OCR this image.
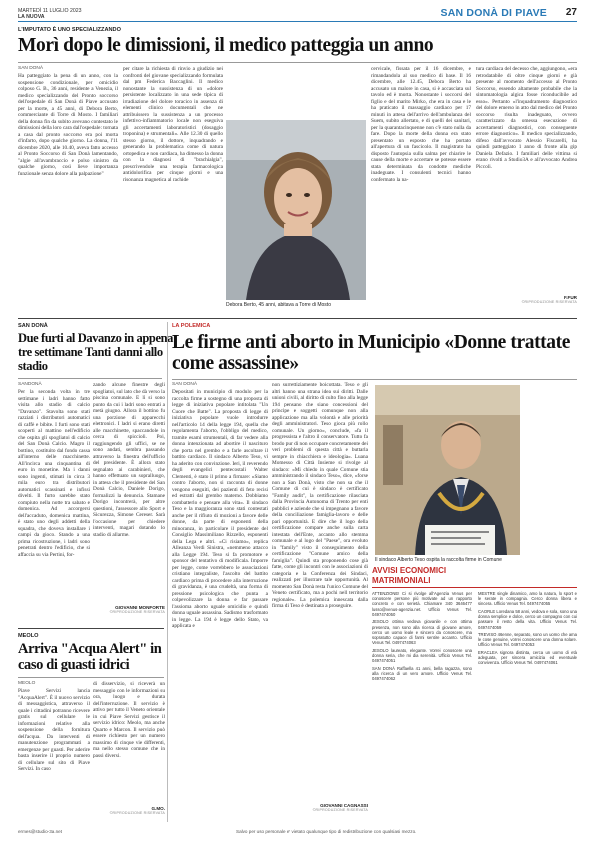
MARTEDÌ 11 LUGLIO 2023
LA NUOVA	SAN DONÀ DI PIAVE 27
L'IMPUTATO È UNO SPECIALIZZANDO
Morì dopo le dimissioni, il medico patteggia un anno
SAN DONÀ

Ha patteggiato la pena di un anno, con la sospensione condizionale, per omicidio colposo G. B., 36 anni, residente a Venezia, il medico specializzando del Pronto soccorso dell'ospedale di San Donà di Piave accusato per la morte, a 45 anni, di Debora Berto, commerciante di Torre di Mosto. I familiari della donna fin da subito avevano contestato le dimissioni della loro cara dall'ospedale: tornata a casa dal pronto soccorso era poi morta d'infarto, dopo qualche giorno. La donna, l'11 dicembre 2020, alle 10.40, aveva fatto accesso al Pronto Soccorso di San Donà lamentando, "algie all'avambraccio e polso sinistro da qualche giorno, così lieve importanza funzionale senza dolore alla palpazione"

per citare la richiesta di rinvio a giudizio nei confronti del giovane specializzando formulata dal pm Federica Baccaglini. Il medico nonostante la sussistenza di un «dolore persistente localizzato in una sede tipica di irradiazione del dolore toracico in assenza di elementi clinico documentali che ne attribuissero la sussistenza a un processo infettivo-infiammatorio locale non eseguiva gli accertamenti laboratoristici (dosaggio troponina) e strumentali». Alle 12.30 di quello stesso giorno, il dottore, inquadrando e generando la problematica come di natura ortopedica e non cardiaca, ha dimesso la donna con la diagnosi di "brachialgia", prescrivendole una terapia farmacologica antidolorifica per cinque giorni e una risonanza magnetica al rachide

Debora Berto, 45 anni, abitava a Torre di Mosto

cervicale, fissata per il 16 dicembre, e rimandandola al suo medico di base. Il 16 dicembre, alle 12.45, Debora Berto ha accusato un malore in casa, si è accasciata sul tavolo ed è morta. Nonostante i soccorsi del figlio e del marito Mirko, che era in casa e le ha praticato il massaggio cardiaco per 17 minuti in attesa dell'arrivo dell'ambulanza del Suem, subito allertato, e di quelli dei sanitari, per la quarantacinquenne non c'è stato nulla da fare. Dopo la morte della donna era stato presentato un esposto che ha portato all'apertura di un fascicolo. Il magistrato ha disposto l'autopsia sulla salma per chiarire le cause della morte e accertare se potesse essere stata determinata da condotte mediche inadeguate. I consulenti tecnici hanno confermato la na-

tura cardiaca del decesso che, aggiungono, «era retrodatabile di oltre cinque giorni e già presente al momento dell'accesso al Pronto Soccorso, essendo altamente probabile che la sintomatologia algica fosse riconducibile ad esso». Pertanto «l'inquadramento diagnostico del dolore emerso in atto dal medico del Pronto soccorso risulta inadeguato, ovvero caratterizzato da omessa esecuzione di accertamenti diagnostici, con conseguente errore diagnostico». Il medico specializzando, difeso dall'avvocato Alessio Fiscarelli, ha quindi patteggiato 1 anno di fronte alla gip Daniela Defazio. I familiari delle vittima si erano rivolti a Studio3A e all'avvocato Andrea Piccoli.

F.FUR
©RIPRODUZIONE RISERVATA
SAN DONÀ
Due furti al Davanzo in appena tre settimane Tanti danni allo stadio
SANDONÀ

Per la seconda volta in tre settimane i ladri hanno fatto visita allo stadio di calcio "Davanzo". Stavolta sono stati razziati i distributori automatici di caffè e bibite. I furti sono stati scoperti al mattino nell'edificio che ospita gli spogliatoi di calcio del San Donà Calcio. Magro il bottino, costituito dal fondo cassa all'interno delle macchinette. All'incirca una cinquantina di euro in monetine. Ma i danni sono ingenti, stimati in circa 3 mila euro tra distributori automatici scassinati e infissi divelti. Il furto sarebbe stato compiuto nella notte tra sabato e domenica. Ad accorgersi dell'accaduto, domenica mattina, è stato uno degli addetti della squadra, che doveva installare i campi da gioco. Stando a una prima ricostruzione, i ladri sono penetrati dentro l'edificio, che si affaccia su via Pertini, for-

zando alcune finestre degli spogliatoi, sul lato che dà verso la piscina comunale. E lì si sono punto da cui i ladri sono entrati a metà giugno. Allora il bottino fu una porzione di apparecchi elettronici. I ladri si erano diretti alle macchinette, spaccandole in cerca di spiccioli. Poi, raggiungendo gli uffici, se ne sono andati, sembra passando attraverso la finestra dell'ufficio del presidente. È allora stato segnalato ai carabinieri, che hanno effettuato un sopralluogo, in attesa che il presidente del San Donà Calcio, Daniele Dorigo, formalizzi la denuncia. Stamane Dorigo incontrerà, per altre questioni, l'assessore allo Sport e Sicurezza, Simone Cereser. Sarà l'occasione per chiedere interventi, magari dotando lo stadio di allarme.

GIOVANNI MONFORTE
©RIPRODUZIONE RISERVATA
LA POLEMICA
Le firme anti aborto in Municipio «Donne trattate come assassine»
SAN DONÀ

Depositati in municipio di modulo per la raccolta firme a sostegno di una proposta di legge di iniziativa popolare intitolata "Un Cuore che Batte". La proposta di legge di iniziativa popolare vuole introdurre nell'articolo 14 della legge 194, quella che regolamenta l'aborto, l'obbligo del medico, tramite esami strumentali, di far vedere alla donna intenzionata ad abortire il nascituro che porta nel grembo e a farle ascoltare il battito cardiaco. Il sindaco Alberto Teso, vi ha aderito con convinzione. Ieri, il reverendo degli evangelici pentecostali Walter Clementi, è stato il primo a firmare: «Siamo contro l'aborto, non si racconta di donne vengono eseguiti, dei pazienti di feto recisi ed estratti dal grembo materno. Dobbiamo combatterlo e pensare alla vita». Il sindaco Teso e la maggioranza sono stati contestati anche per il rifiuto di mozioni a favore delle donne, da parte di esponenti della minoranza, in particolare il presidente del Consiglio Massimiliano Rizzello, esponenti della Lega e altri. «Ci risiamo», replica Alleanza Verdi Sinistra, «nemmeno attacco alla Legge 194. Teso si fa promotore e sponsor del tentativo di modificala. Imporre per legge, come vorrebbero le associazioni cristiano integraliste, l'ascolto del battito cardiaco prima di procedere alla interruzione di gravidanza, è una crudeltà, una forma di pressione psicologica che punta a colpevolizzare la donna e far passare l'assioma aborto uguale omicidio e quindi donna uguale assassina. Sadismo trasformato in legge. La 194 è legge dello Stato, va applicata e

non surrettiziamente boicottata. Teso e gli altri hanno una strana idea sui diritti. Dalle unioni civili, al diritto di culto fino alla legge 194 pensano che siano concessioni del principe e soggetti comunque non alla applicazione ma alla volontà e alle priorità degli amministratori. Teso gioca più rollo comunale. Un giorno», conclude, «fa il progressista e l'altro il conservatore. Tutto fa brodo pur di non occupare concretamente dei veri problemi di questa città e buttarla sempre in chiacchiera e ideologia». Luana Momesso di Città Insieme si rivolge al sindaco: «Mi chiedo in quale Comune stia amministrando il sindaco Teso», dice, «forse non a San Donà, visto che non sa che il Comune di cui è sindaco è certificato "Family audit", la certificazione rilasciata dalla Provincia Autonoma di Trento per enti pubblici e aziende che si impegnano a favore della conciliazione famiglia-lavoro e delle pari opportunità. E dire che il logo della certificazione compare anche sulla carta intestata dell'Ente, accanto allo stemma comunale e al logo del "Paese", ora evoluto in "family" visto il conseguimento della certificazione "Comune amico della famiglia". Quindi sta proponendo cose già fatte, come gli incontri con le associazioni di categoria e la Conferenza dei Sindaci, realizzati per illustrare tale opportunità. Al momento San Donà resta l'unico Comune del Veneto certificato, ma a pochi nell territorio regionale». La polemica innescata dalla firma di Teso è destinata a proseguire.

GIOVANNI CAGNASSI
©RIPRODUZIONE RISERVATA
Il sindaco Alberto Teso ospita la raccolta firme in Comune
AVVISI ECONOMICI
MATRIMONIALI

ATTENZIONE! Ci si rivolge all'Agenzia Venus per conoscere persone più motivate ad un rapporto concreto e con serietà. Chiamare 340 3646477 lusso@venus-agenzia.net. Ufficio Venus Tel. 0497474050

JESOLO ottima vedova giovanile e con ottima presenza, non sono alla ricerca di giovane amore, cerco un uomo leale e sincero da conoscere, ma sopratutto capace di farmi sentire accanto. Ufficio Venus Tel. 0497474063

JESOLO laureato, elegante. Vorrei conoscere una donna seria, che mi dia serenità. Ufficio Venus Tel. 0497474051

SAN DONÀ Raffaella 41 anni, bella ragazza, sono alla ricerca di un vero amore. Ufficio Venus Tel. 0497474062

MESTRE single dinamico, amo la natura, lo sport e le serate in compagnia. Cerco donna libera e sincera. Ufficio Venus Tel. 0497474055

CAORLE Loredana 58 anni, vedova e sola, sono una donna semplice e dolce, cerco un compagno con cui passare il resto della vita. Ufficio Venus Tel. 0497474059

TREVISO 46enne, separato, sono un uomo che ama le cose genuine, vorrei conoscere una donna solare. Ufficio Venus Tel. 0497474053

ERACLEA signora distinta, cerca un uomo di età adeguata, per sincera amicizia ed eventuale convivenza. Ufficio Venus Tel. 0497474061

MEOLO
Arriva "Acqua Alert" in caso di guasti idrici
MEOLO

Piave Servizi lancia "AcquaAlert". È il nuovo servizio di messaggistica, attraverso il quale i cittadini potranno ricevere gratis sul cellulare le informazioni relative alla sospensione della fornitura dell'acqua. Da interventi di manutenzione programmati a emergenze per guasti. Per aderire basta inserire il proprio numero di cellulare sul sito di Piave Servizi. In caso

di disservizio, si riceverà un messaggio con le informazioni su ora, luogo e durata dell'interruzione. Il servizio è attivo per tutto il Veneto orientale in cui Piave Servizi gestisce il servizio idrico: Meolo, ma anche Quarto e Marcon. Il servizio può essere richiesto per un numero massimo di cinque vie differenti, ma nello stesso comune che in passi diversi.

G.MO.
©RIPRODUZIONE RISERVATA
ermes@studio-3a.net	Salvo per uso personale e' vietato qualunque tipo di redistribuzione con qualsiasi mezzo.
